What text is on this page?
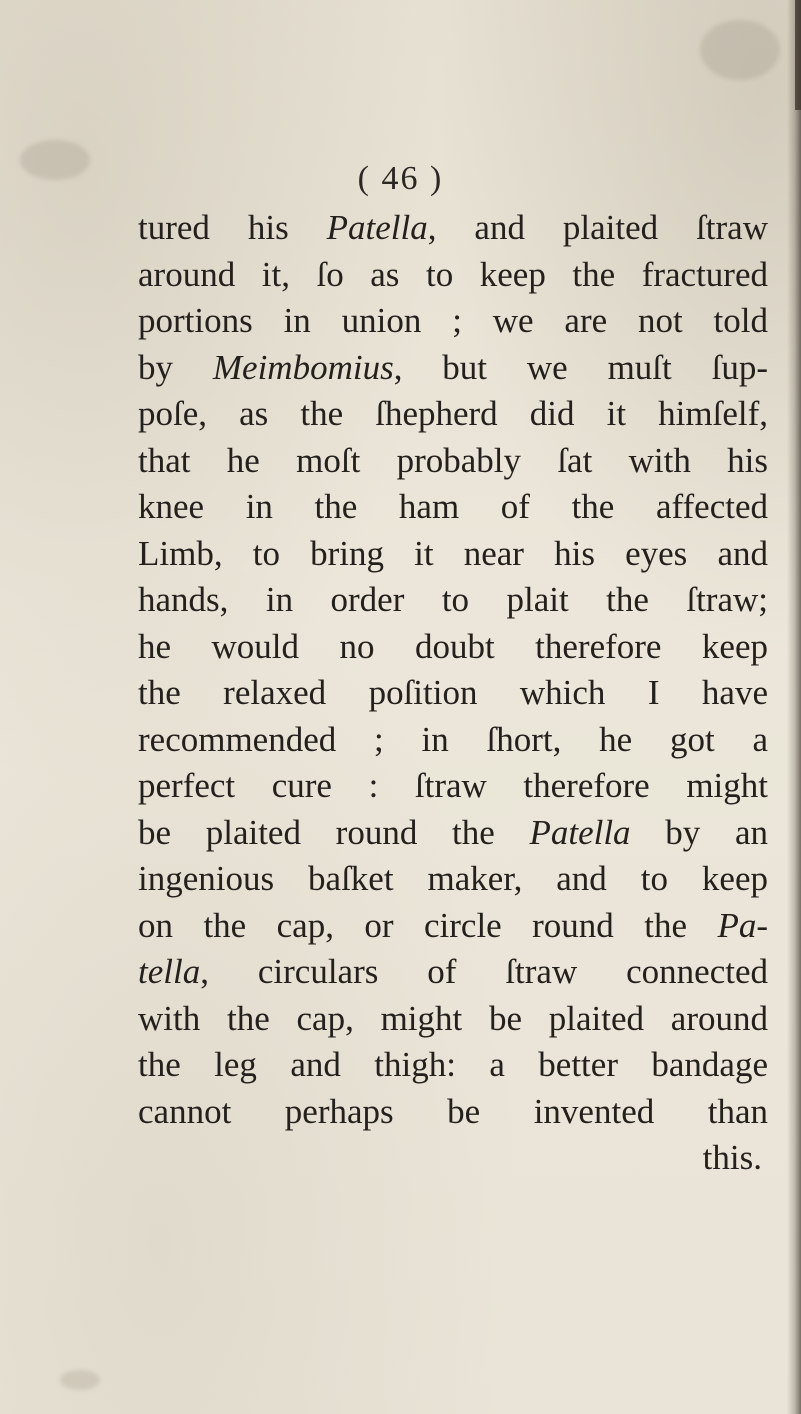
( 46 )
tured his Patella, and plaited ſtraw
around it, ſo as to keep the fractured
portions in union ; we are not told
by Meimbomius, but we muſt ſup-
poſe, as the ſhepherd did it himſelf,
that he moſt probably ſat with his
knee in the ham of the affected
Limb, to bring it near his eyes and
hands, in order to plait the ſtraw;
he would no doubt therefore keep
the relaxed poſition which I have
recommended ; in ſhort, he got a
perfect cure : ſtraw therefore might
be plaited round the Patella by an
ingenious baſket maker, and to keep
on the cap, or circle round the Pa-
tella, circulars of ſtraw connected
with the cap, might be plaited around
the leg and thigh: a better bandage
cannot perhaps be invented than
this.
